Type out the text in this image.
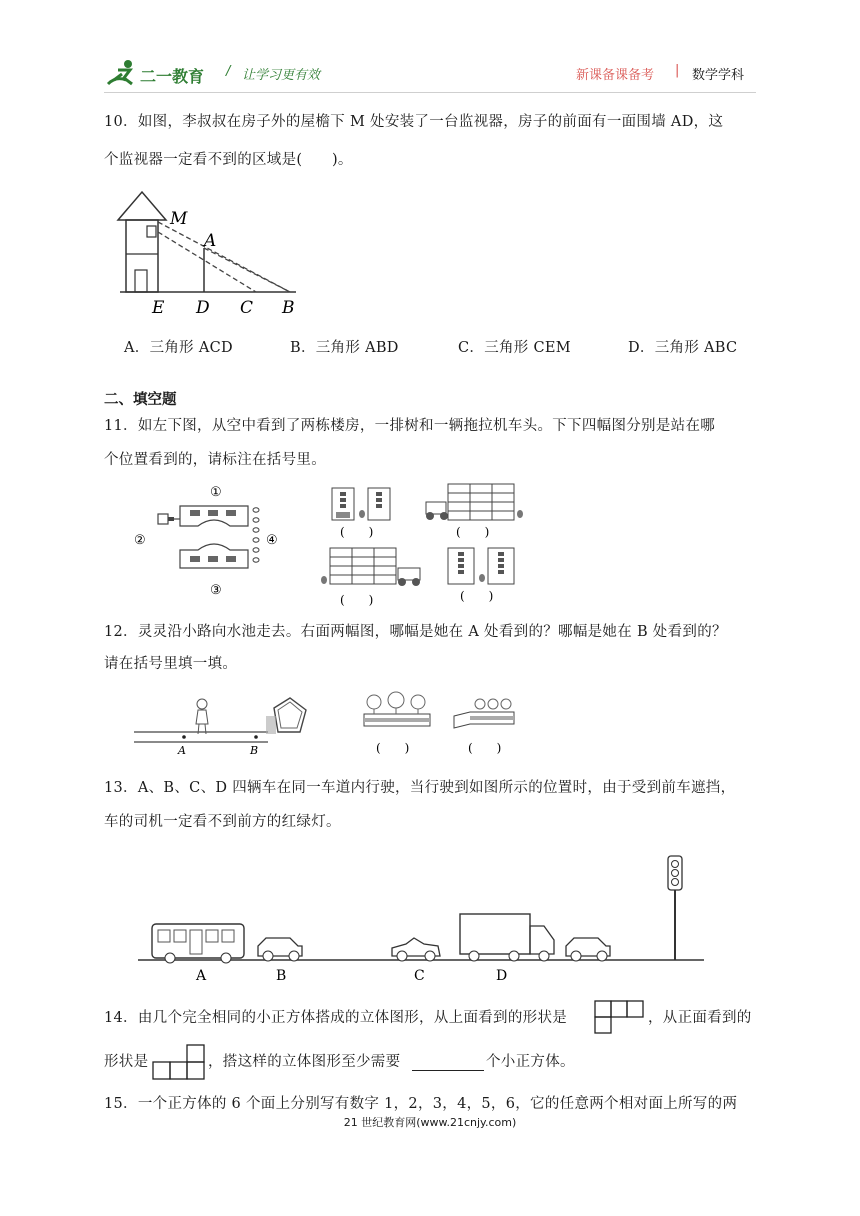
二一教育 / 让学习更有效	新课备课备考 | 数学学科
10．如图，李叔叔在房子外的屋檐下 M 处安装了一台监视器，房子的前面有一面围墙 AD，这
个监视器一定看不到的区域是(　　)。
M
A
E D C B
A．三角形 ACD	B．三角形 ABD	C．三角形 CEM	D．三角形 ABC
二、填空题
11．如左下图，从空中看到了两栋楼房，一排树和一辆拖拉机车头。下下四幅图分别是站在哪
个位置看到的，请标注在括号里。
①
②
③
④
(　　)	(　　)
(　　)	(　　)
12．灵灵沿小路向水池走去。右面两幅图，哪幅是她在 A 处看到的？哪幅是她在 B 处看到的？
请在括号里填一填。
A	B	(　　)	(　　)
13．A、B、C、D 四辆车在同一车道内行驶，当行驶到如图所示的位置时，由于受到前车遮挡，
车的司机一定看不到前方的红绿灯。
A	B	C	D
14．由几个完全相同的小正方体搭成的立体图形，从上面看到的形状是	，从正面看到的
形状是	，搭这样的立体图形至少需要	个小正方体。
15．一个正方体的 6 个面上分别写有数字 1，2，3，4，5，6，它的任意两个相对面上所写的两
21 世纪教育网(www.21cnjy.com)
